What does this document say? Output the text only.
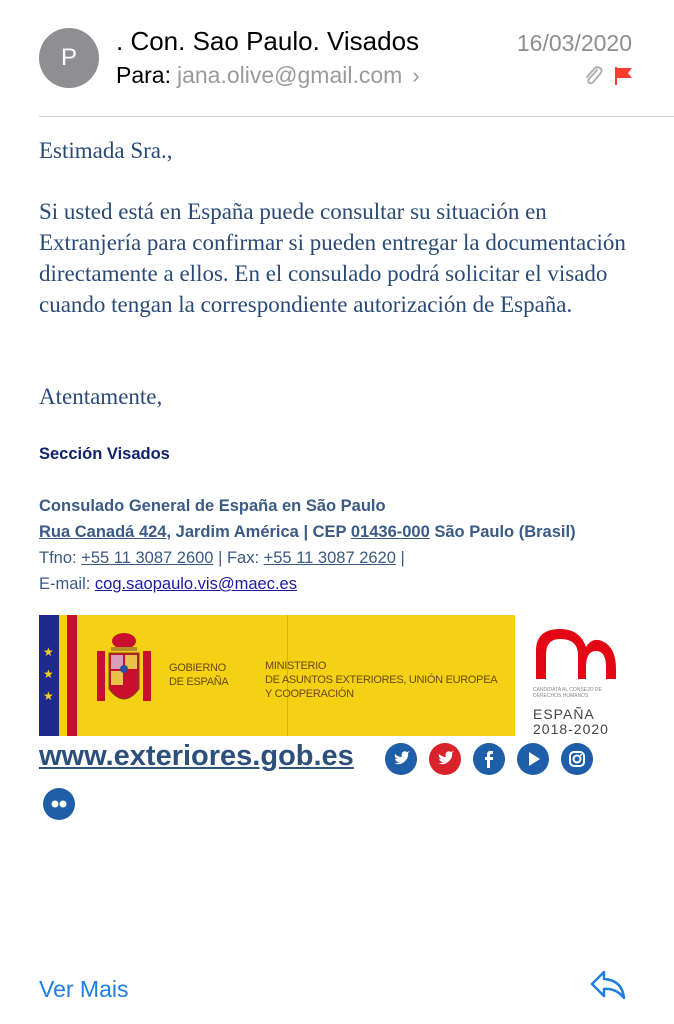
P
. Con. Sao Paulo. Visados	16/03/2020
Para: jana.olive@gmail.com ›
Estimada Sra.,
Si usted está en España puede consultar su situación en Extranjería para confirmar si pueden entregar la documentación directamente a ellos. En el consulado podrá solicitar el visado cuando tengan la correspondiente autorización de España.
Atentamente,
Sección Visados
Consulado General de España en São Paulo
Rua Canadá 424, Jardim América | CEP 01436-000 São Paulo (Brasil)
Tfno: +55 11 3087 2600 | Fax: +55 11 3087 2620 |
E-mail: cog.saopaulo.vis@maec.es
★
★
★
GOBIERNO
DE ESPAÑA
MINISTERIO
DE ASUNTOS EXTERIORES, UNIÓN EUROPEA
Y COOPERACIÓN	CANDIDATA AL CONSEJO DE DERECHOS HUMANOS
ESPAÑA
2018-2020
www.exteriores.gob.es
Ver Mais
